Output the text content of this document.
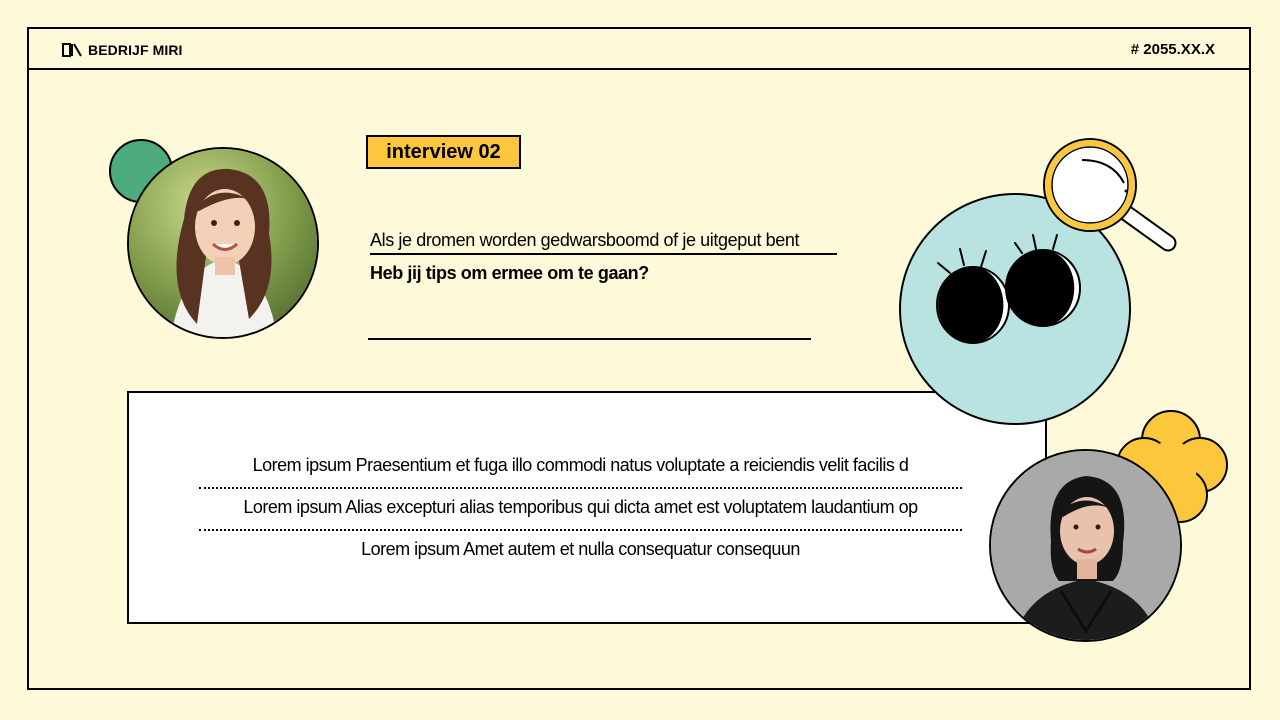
BEDRIJF MIRI	# 2055.XX.X
interview 02
Als je dromen worden gedwarsboomd of je uitgeput bent
Heb jij tips om ermee om te gaan?
Lorem ipsum Praesentium et fuga illo commodi natus voluptate a reiciendis velit facilis d
Lorem ipsum Alias excepturi alias temporibus qui dicta amet est voluptatem laudantium op
Lorem ipsum Amet autem et nulla consequatur consequun
